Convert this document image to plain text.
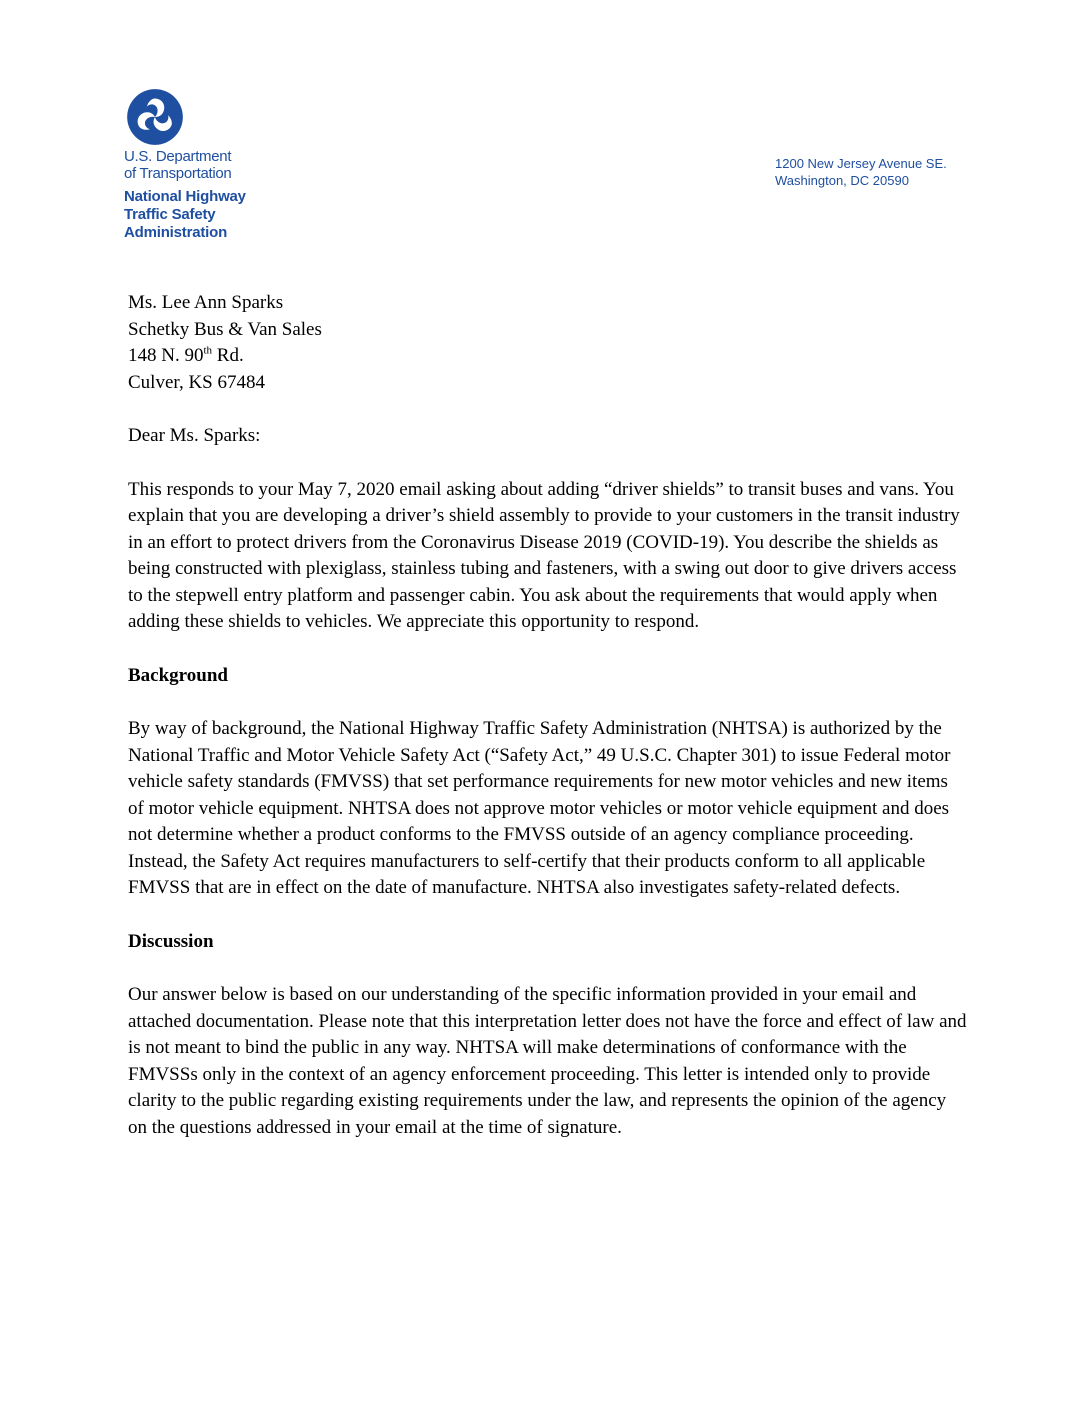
U.S. Department
of Transportation
National Highway
Traffic Safety
Administration
1200 New Jersey Avenue SE.
Washington, DC 20590
Ms. Lee Ann Sparks
Schetky Bus & Van Sales
148 N. 90th Rd.
Culver, KS 67484
Dear Ms. Sparks:
This responds to your May 7, 2020 email asking about adding “driver shields” to transit buses and vans. You explain that you are developing a driver’s shield assembly to provide to your customers in the transit industry in an effort to protect drivers from the Coronavirus Disease 2019 (COVID-19). You describe the shields as being constructed with plexiglass, stainless tubing and fasteners, with a swing out door to give drivers access to the stepwell entry platform and passenger cabin. You ask about the requirements that would apply when adding these shields to vehicles. We appreciate this opportunity to respond.
Background
By way of background, the National Highway Traffic Safety Administration (NHTSA) is authorized by the National Traffic and Motor Vehicle Safety Act (“Safety Act,” 49 U.S.C. Chapter 301) to issue Federal motor vehicle safety standards (FMVSS) that set performance requirements for new motor vehicles and new items of motor vehicle equipment. NHTSA does not approve motor vehicles or motor vehicle equipment and does not determine whether a product conforms to the FMVSS outside of an agency compliance proceeding. Instead, the Safety Act requires manufacturers to self-certify that their products conform to all applicable FMVSS that are in effect on the date of manufacture. NHTSA also investigates safety-related defects.
Discussion
Our answer below is based on our understanding of the specific information provided in your email and attached documentation. Please note that this interpretation letter does not have the force and effect of law and is not meant to bind the public in any way. NHTSA will make determinations of conformance with the FMVSSs only in the context of an agency enforcement proceeding. This letter is intended only to provide clarity to the public regarding existing requirements under the law, and represents the opinion of the agency on the questions addressed in your email at the time of signature.
